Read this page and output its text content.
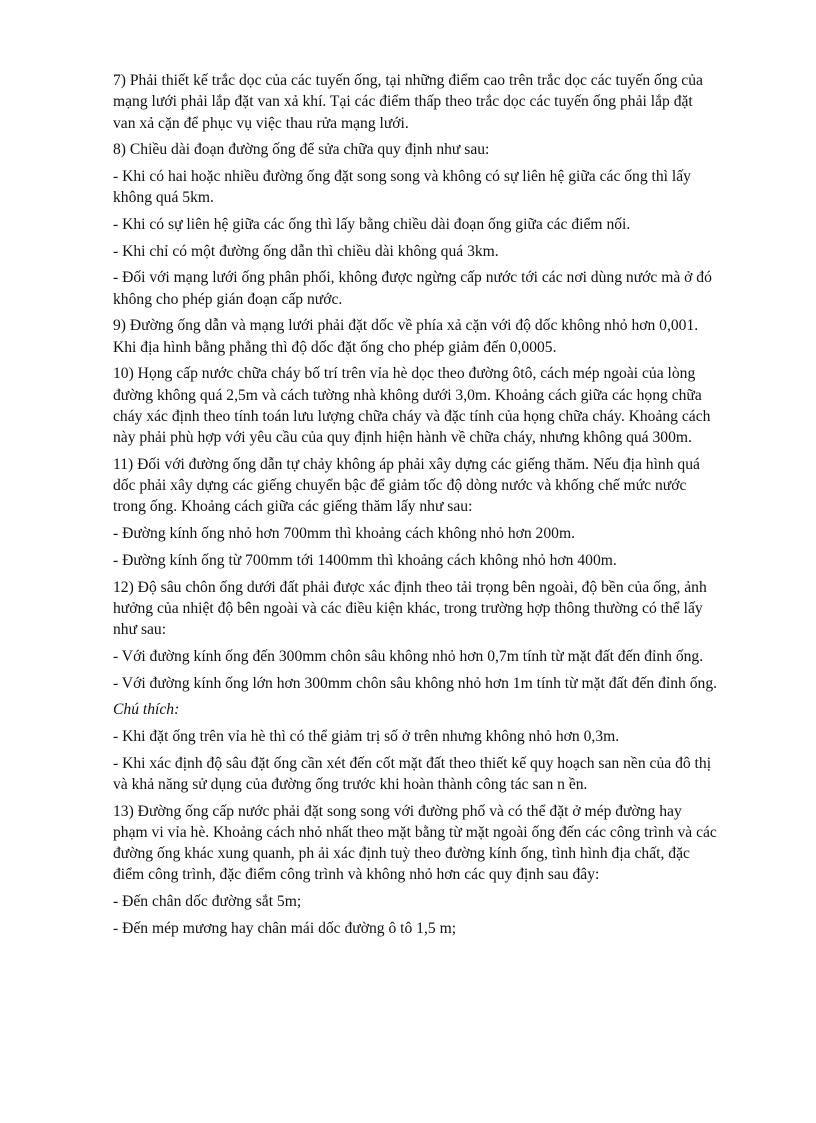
7) Phải thiết kế trắc dọc của các tuyến ống, tại những điểm cao trên trắc dọc các tuyến ống của mạng lưới phải lắp đặt van xả khí. Tại các điểm thấp theo trắc dọc các tuyến ống phải lắp đặt van xả cặn để phục vụ việc thau rửa mạng lưới.

8) Chiều dài đoạn đường ống để sửa chữa quy định như sau:

- Khi có hai hoặc nhiều đường ống đặt song song và không có sự liên hệ giữa các ống thì lấy không quá 5km.

- Khi có sự liên hệ giữa các ống thì lấy bằng chiều dài đoạn ống giữa các điểm nối.

- Khi chỉ có một đường ống dẫn thì chiều dài không quá 3km.

- Đối với mạng lưới ống phân phối, không được ngừng cấp nước tới các nơi dùng nước mà ở đó không cho phép gián đoạn cấp nước.

9) Đường ống dẫn và mạng lưới phải đặt dốc về phía xả cặn với độ dốc không nhỏ hơn 0,001. Khi địa hình bằng phẳng thì độ dốc đặt ống cho phép giảm đến 0,0005.

10) Họng cấp nước chữa cháy bố trí trên vỉa hè dọc theo đường ôtô, cách mép ngoài của lòng đường không quá 2,5m và cách tường nhà không dưới 3,0m. Khoảng cách giữa các họng chữa cháy xác định theo tính toán lưu lượng chữa cháy và đặc tính của họng chữa cháy. Khoảng cách này phải phù hợp với yêu cầu của quy định hiện hành về chữa cháy, nhưng không quá 300m.

11) Đối với đường ống dẫn tự chảy không áp phải xây dựng các giếng thăm. Nếu địa hình quá dốc phải xây dựng các giếng chuyển bậc để giảm tốc độ dòng nước và khống chế mức nước trong ống. Khoảng cách giữa các giếng thăm lấy như sau:

- Đường kính ống nhỏ hơn 700mm thì khoảng cách không nhỏ hơn 200m.

- Đường kính ống từ 700mm tới 1400mm thì khoảng cách không nhỏ hơn 400m.

12) Độ sâu chôn ống dưới đất phải được xác định theo tải trọng bên ngoài, độ bền của ống, ảnh hưởng của nhiệt độ bên ngoài và các điều kiện khác, trong trường hợp thông thường có thể lấy như sau:

- Với đường kính ống đến 300mm chôn sâu không nhỏ hơn 0,7m tính từ mặt đất đến đỉnh ống.

- Với đường kính ống lớn hơn 300mm chôn sâu không nhỏ hơn 1m tính từ mặt đất đến đỉnh ống.

Chú thích:

- Khi đặt ống trên vỉa hè thì có thể giảm trị số ở trên nhưng không nhỏ hơn 0,3m.

- Khi xác định độ sâu đặt ống cần xét đến cốt mặt đất theo thiết kế quy hoạch san nền của đô thị và khả năng sử dụng của đường ống trước khi hoàn thành công tác san n ền.

13) Đường ống cấp nước phải đặt song song với đường phố và có thể đặt ở mép đường hay phạm vi vỉa hè. Khoảng cách nhỏ nhất theo mặt bằng từ mặt ngoài ống đến các công trình và các đường ống khác xung quanh, ph ải xác định tuỳ theo đường kính ống, tình hình địa chất, đặc điểm công trình, đặc điểm công trình và không nhỏ hơn các quy định sau đây:

- Đến chân dốc đường sắt 5m;

- Đến mép mương hay chân mái dốc đường ô tô 1,5 m;
